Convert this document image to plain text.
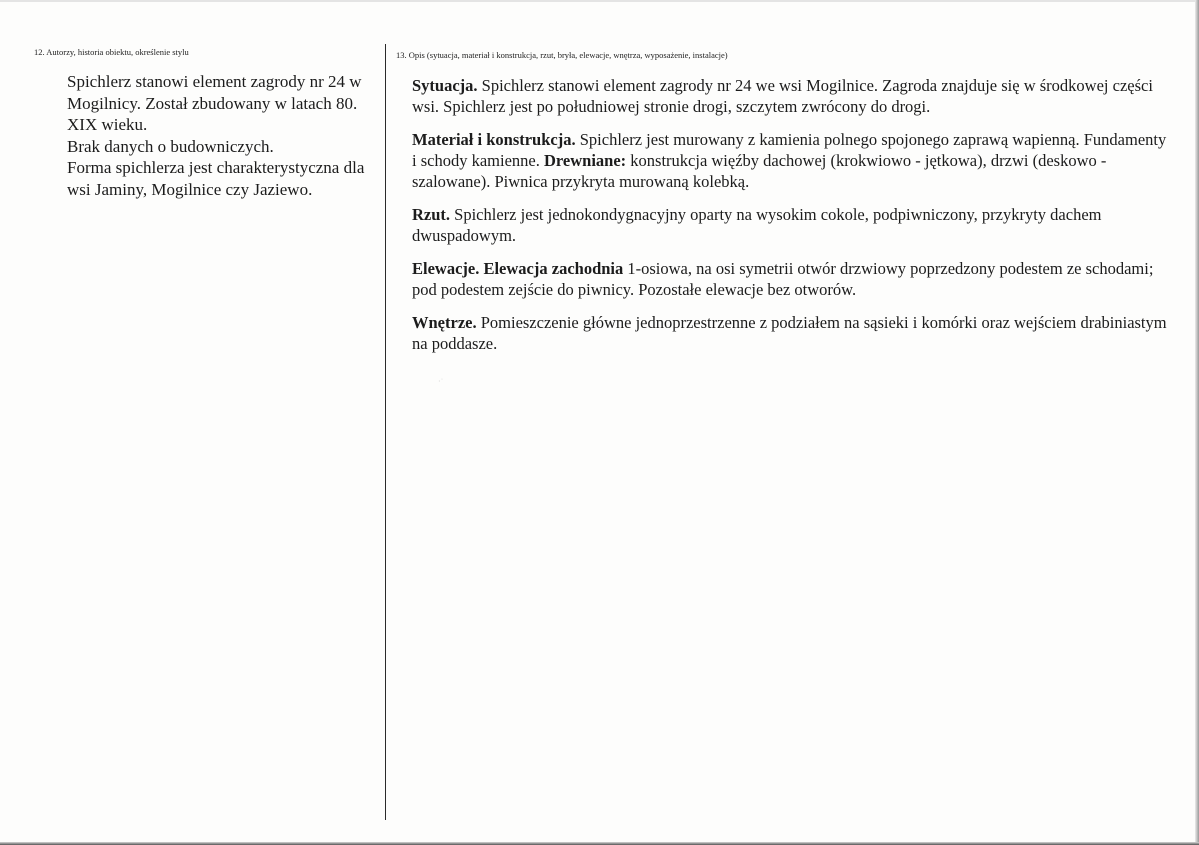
12. Autorzy, historia obiektu, określenie stylu

Spichlerz stanowi element zagrody nr 24 w Mogilnicy. Został zbudowany w latach 80. XIX wieku.

Brak danych o budowniczych.

Forma spichlerza jest charakterystyczna dla wsi Jaminy, Mogilnice czy Jaziewo.

13. Opis (sytuacja, materiał i konstrukcja, rzut, bryła, elewacje, wnętrza, wyposażenie, instalacje)

Sytuacja. Spichlerz stanowi element zagrody nr 24 we wsi Mogilnice. Zagroda znajduje się w środkowej części wsi. Spichlerz jest po południowej stronie drogi, szczytem zwrócony do drogi.

Materiał i konstrukcja. Spichlerz jest murowany z kamienia polnego spojonego zaprawą wapienną. Fundamenty i schody kamienne. Drewniane: konstrukcja więźby dachowej (krokwiowo - jętkowa), drzwi (deskowo - szalowane). Piwnica przykryta murowaną kolebką.

Rzut. Spichlerz jest jednokondygnacyjny oparty na wysokim cokole, podpiwniczony, przykryty dachem dwuspadowym.

Elewacje. Elewacja zachodnia 1-osiowa, na osi symetrii otwór drzwiowy poprzedzony podestem ze schodami; pod podestem zejście do piwnicy. Pozostałe elewacje bez otworów.

Wnętrze. Pomieszczenie główne jednoprzestrzenne z podziałem na sąsieki i komórki oraz wejściem drabiniastym na poddasze.

·˙
